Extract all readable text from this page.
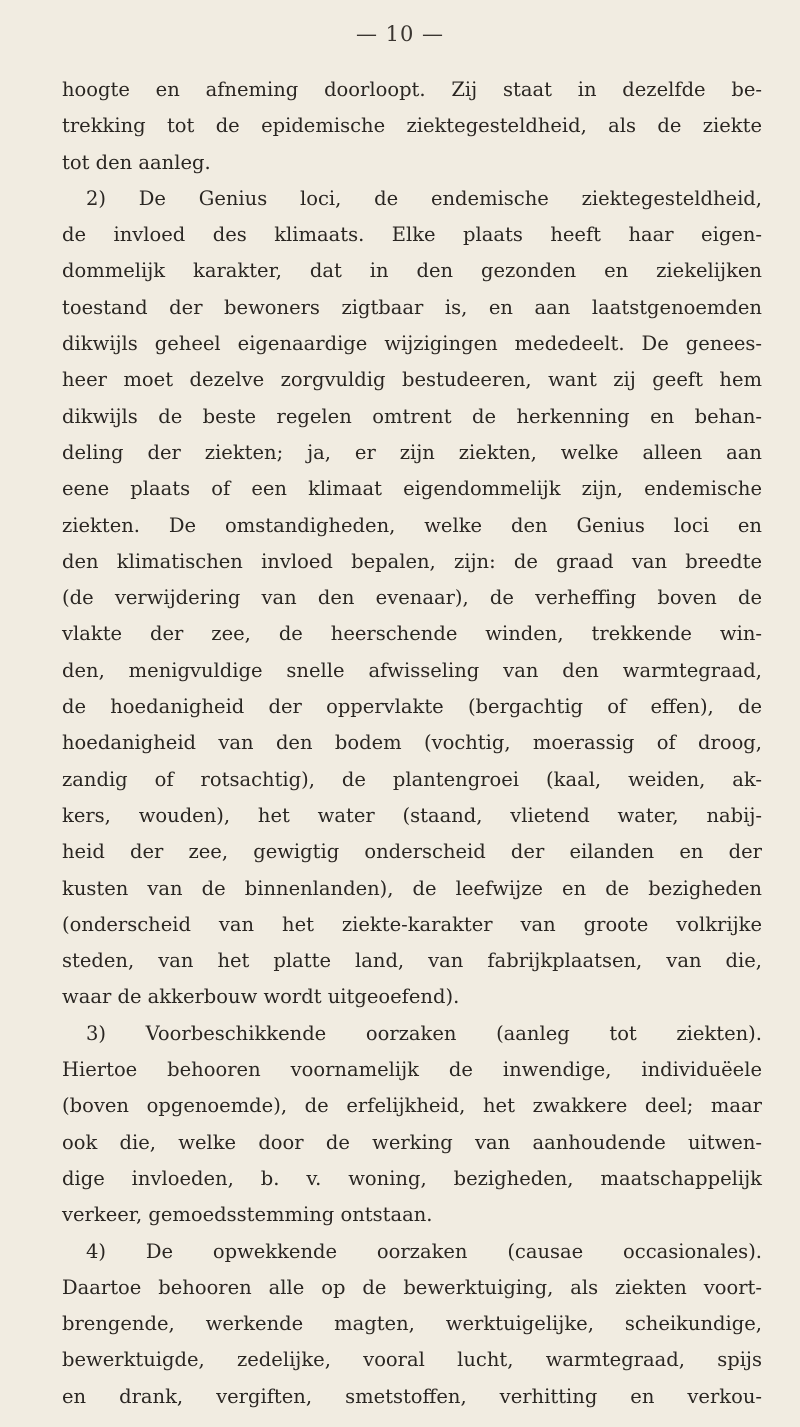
— 10 —
hoogte en afneming doorloopt. Zij staat in dezelfde be-
trekking tot de epidemische ziektegesteldheid, als de ziekte
tot den aanleg.
2) De Genius loci, de endemische ziektegesteldheid,
de invloed des klimaats. Elke plaats heeft haar eigen-
dommelijk karakter, dat in den gezonden en ziekelijken
toestand der bewoners zigtbaar is, en aan laatstgenoemden
dikwijls geheel eigenaardige wijzigingen mededeelt. De genees-
heer moet dezelve zorgvuldig bestudeeren, want zij geeft hem
dikwijls de beste regelen omtrent de herkenning en behan-
deling der ziekten; ja, er zijn ziekten, welke alleen aan
eene plaats of een klimaat eigendommelijk zijn, endemische
ziekten. De omstandigheden, welke den Genius loci en
den klimatischen invloed bepalen, zijn: de graad van breedte
(de verwijdering van den evenaar), de verheffing boven de
vlakte der zee, de heerschende winden, trekkende win-
den, menigvuldige snelle afwisseling van den warmtegraad,
de hoedanigheid der oppervlakte (bergachtig of effen), de
hoedanigheid van den bodem (vochtig, moerassig of droog,
zandig of rotsachtig), de plantengroei (kaal, weiden, ak-
kers, wouden), het water (staand, vlietend water, nabij-
heid der zee, gewigtig onderscheid der eilanden en der
kusten van de binnenlanden), de leefwijze en de bezigheden
(onderscheid van het ziekte-karakter van groote volkrijke
steden, van het platte land, van fabrijkplaatsen, van die,
waar de akkerbouw wordt uitgeoefend).
3) Voorbeschikkende oorzaken (aanleg tot ziekten).
Hiertoe behooren voornamelijk de inwendige, individuëele
(boven opgenoemde), de erfelijkheid, het zwakkere deel; maar
ook die, welke door de werking van aanhoudende uitwen-
dige invloeden, b. v. woning, bezigheden, maatschappelijk
verkeer, gemoedsstemming ontstaan.
4) De opwekkende oorzaken (causae occasionales).
Daartoe behooren alle op de bewerktuiging, als ziekten voort-
brengende, werkende magten, werktuigelijke, scheikundige,
bewerktuigde, zedelijke, vooral lucht, warmtegraad, spijs
en drank, vergiften, smetstoffen, verhitting en verkou-
